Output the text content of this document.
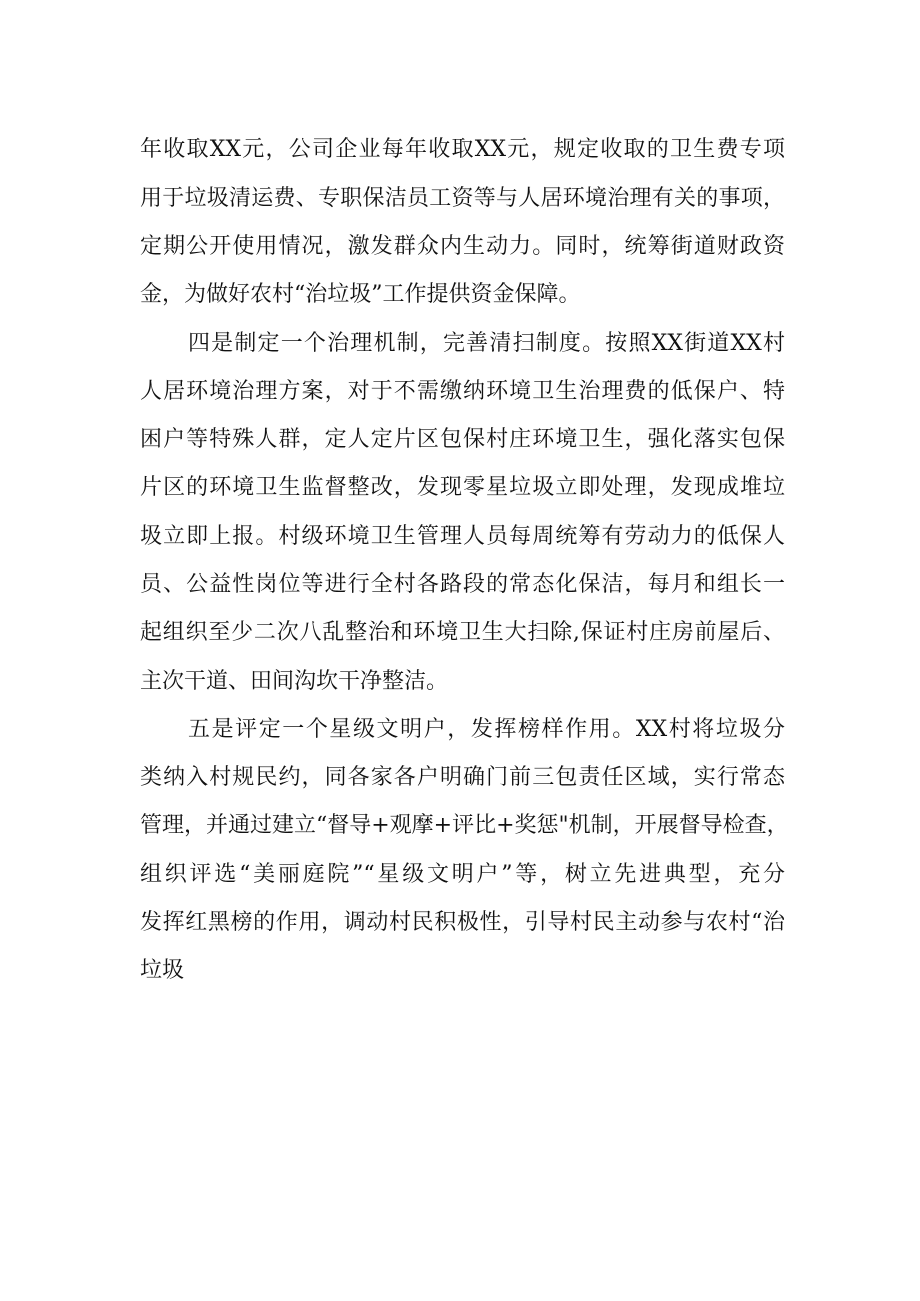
年收取XX元，公司企业每年收取XX元，规定收取的卫生费专项
用于垃圾清运费、专职保洁员工资等与人居环境治理有关的事项，
定期公开使用情况，激发群众内生动力。同时，统筹街道财政资
金，为做好农村“治垃圾”工作提供资金保障。
四是制定一个治理机制，完善清扫制度。按照XX街道XX村
人居环境治理方案，对于不需缴纳环境卫生治理费的低保户、特
困户等特殊人群，定人定片区包保村庄环境卫生，强化落实包保
片区的环境卫生监督整改，发现零星垃圾立即处理，发现成堆垃
圾立即上报。村级环境卫生管理人员每周统筹有劳动力的低保人
员、公益性岗位等进行全村各路段的常态化保洁，每月和组长一
起组织至少二次八乱整治和环境卫生大扫除,保证村庄房前屋后、
主次干道、田间沟坎干净整洁。
五是评定一个星级文明户，发挥榜样作用。XX村将垃圾分
类纳入村规民约，同各家各户明确门前三包责任区域，实行常态
管理，并通过建立“督导+观摩+评比+奖惩"机制，开展督导检查，
组织评选“美丽庭院”“星级文明户”等，树立先进典型，充分
发挥红黑榜的作用，调动村民积极性，引导村民主动参与农村“治
垃圾
